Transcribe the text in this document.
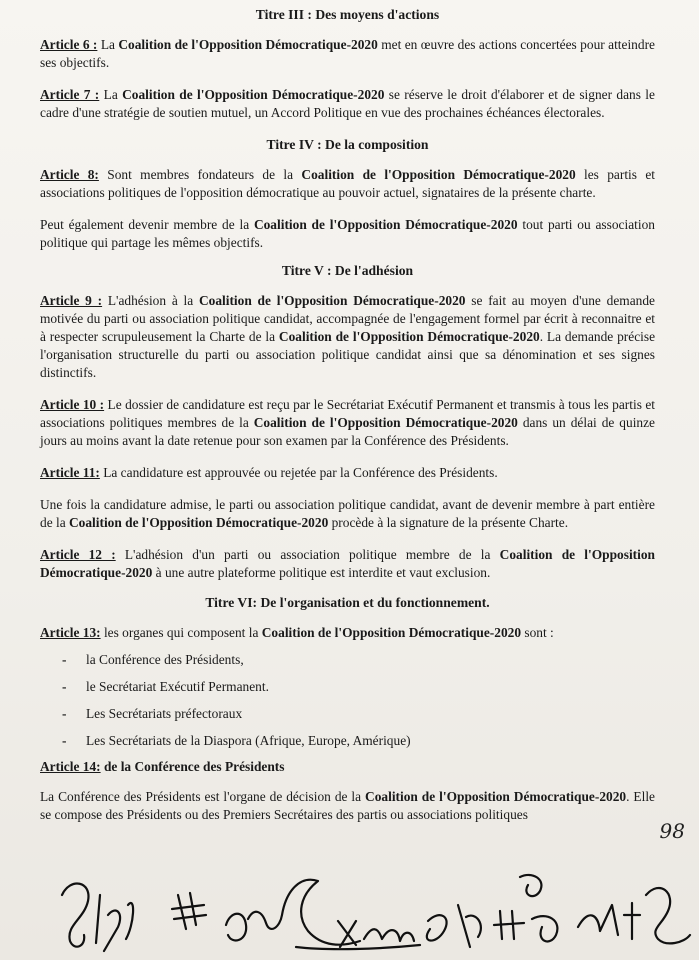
Titre III : Des moyens d'actions

Article 6 : La Coalition de l'Opposition Démocratique-2020 met en œuvre des actions concertées pour atteindre ses objectifs.

Article 7 : La Coalition de l'Opposition Démocratique-2020 se réserve le droit d'élaborer et de signer dans le cadre d'une stratégie de soutien mutuel, un Accord Politique en vue des prochaines échéances électorales.

Titre IV : De la composition

Article 8: Sont membres fondateurs de la Coalition de l'Opposition Démocratique-2020 les partis et associations politiques de l'opposition démocratique au pouvoir actuel, signataires de la présente charte.

Peut également devenir membre de la Coalition de l'Opposition Démocratique-2020 tout parti ou association politique qui partage les mêmes objectifs.

Titre V : De l'adhésion

Article 9 : L'adhésion à la Coalition de l'Opposition Démocratique-2020 se fait au moyen d'une demande motivée du parti ou association politique candidat, accompagnée de l'engagement formel par écrit à reconnaitre et à respecter scrupuleusement la Charte de la Coalition de l'Opposition Démocratique-2020. La demande précise l'organisation structurelle du parti ou association politique candidat ainsi que sa dénomination et ses signes distinctifs.

Article 10 : Le dossier de candidature est reçu par le Secrétariat Exécutif Permanent et transmis à tous les partis et associations politiques membres de la Coalition de l'Opposition Démocratique-2020 dans un délai de quinze jours au moins avant la date retenue pour son examen par la Conférence des Présidents.

Article 11: La candidature est approuvée ou rejetée par la Conférence des Présidents.

Une fois la candidature admise, le parti ou association politique candidat, avant de devenir membre à part entière de la Coalition de l'Opposition Démocratique-2020 procède à la signature de la présente Charte.

Article 12 : L'adhésion d'un parti ou association politique membre de la Coalition de l'Opposition Démocratique-2020 à une autre plateforme politique est interdite et vaut exclusion.

Titre VI: De l'organisation et du fonctionnement.

Article 13: les organes qui composent la Coalition de l'Opposition Démocratique-2020 sont :

- la Conférence des Présidents,
- le Secrétariat Exécutif Permanent.
- Les Secrétariats préfectoraux
- Les Secrétariats de la Diaspora (Afrique, Europe, Amérique)

Article 14: de la Conférence des Présidents

La Conférence des Présidents est l'organe de décision de la Coalition de l'Opposition Démocratique-2020. Elle se compose des Présidents ou des Premiers Secrétaires des partis ou associations politiques

98
